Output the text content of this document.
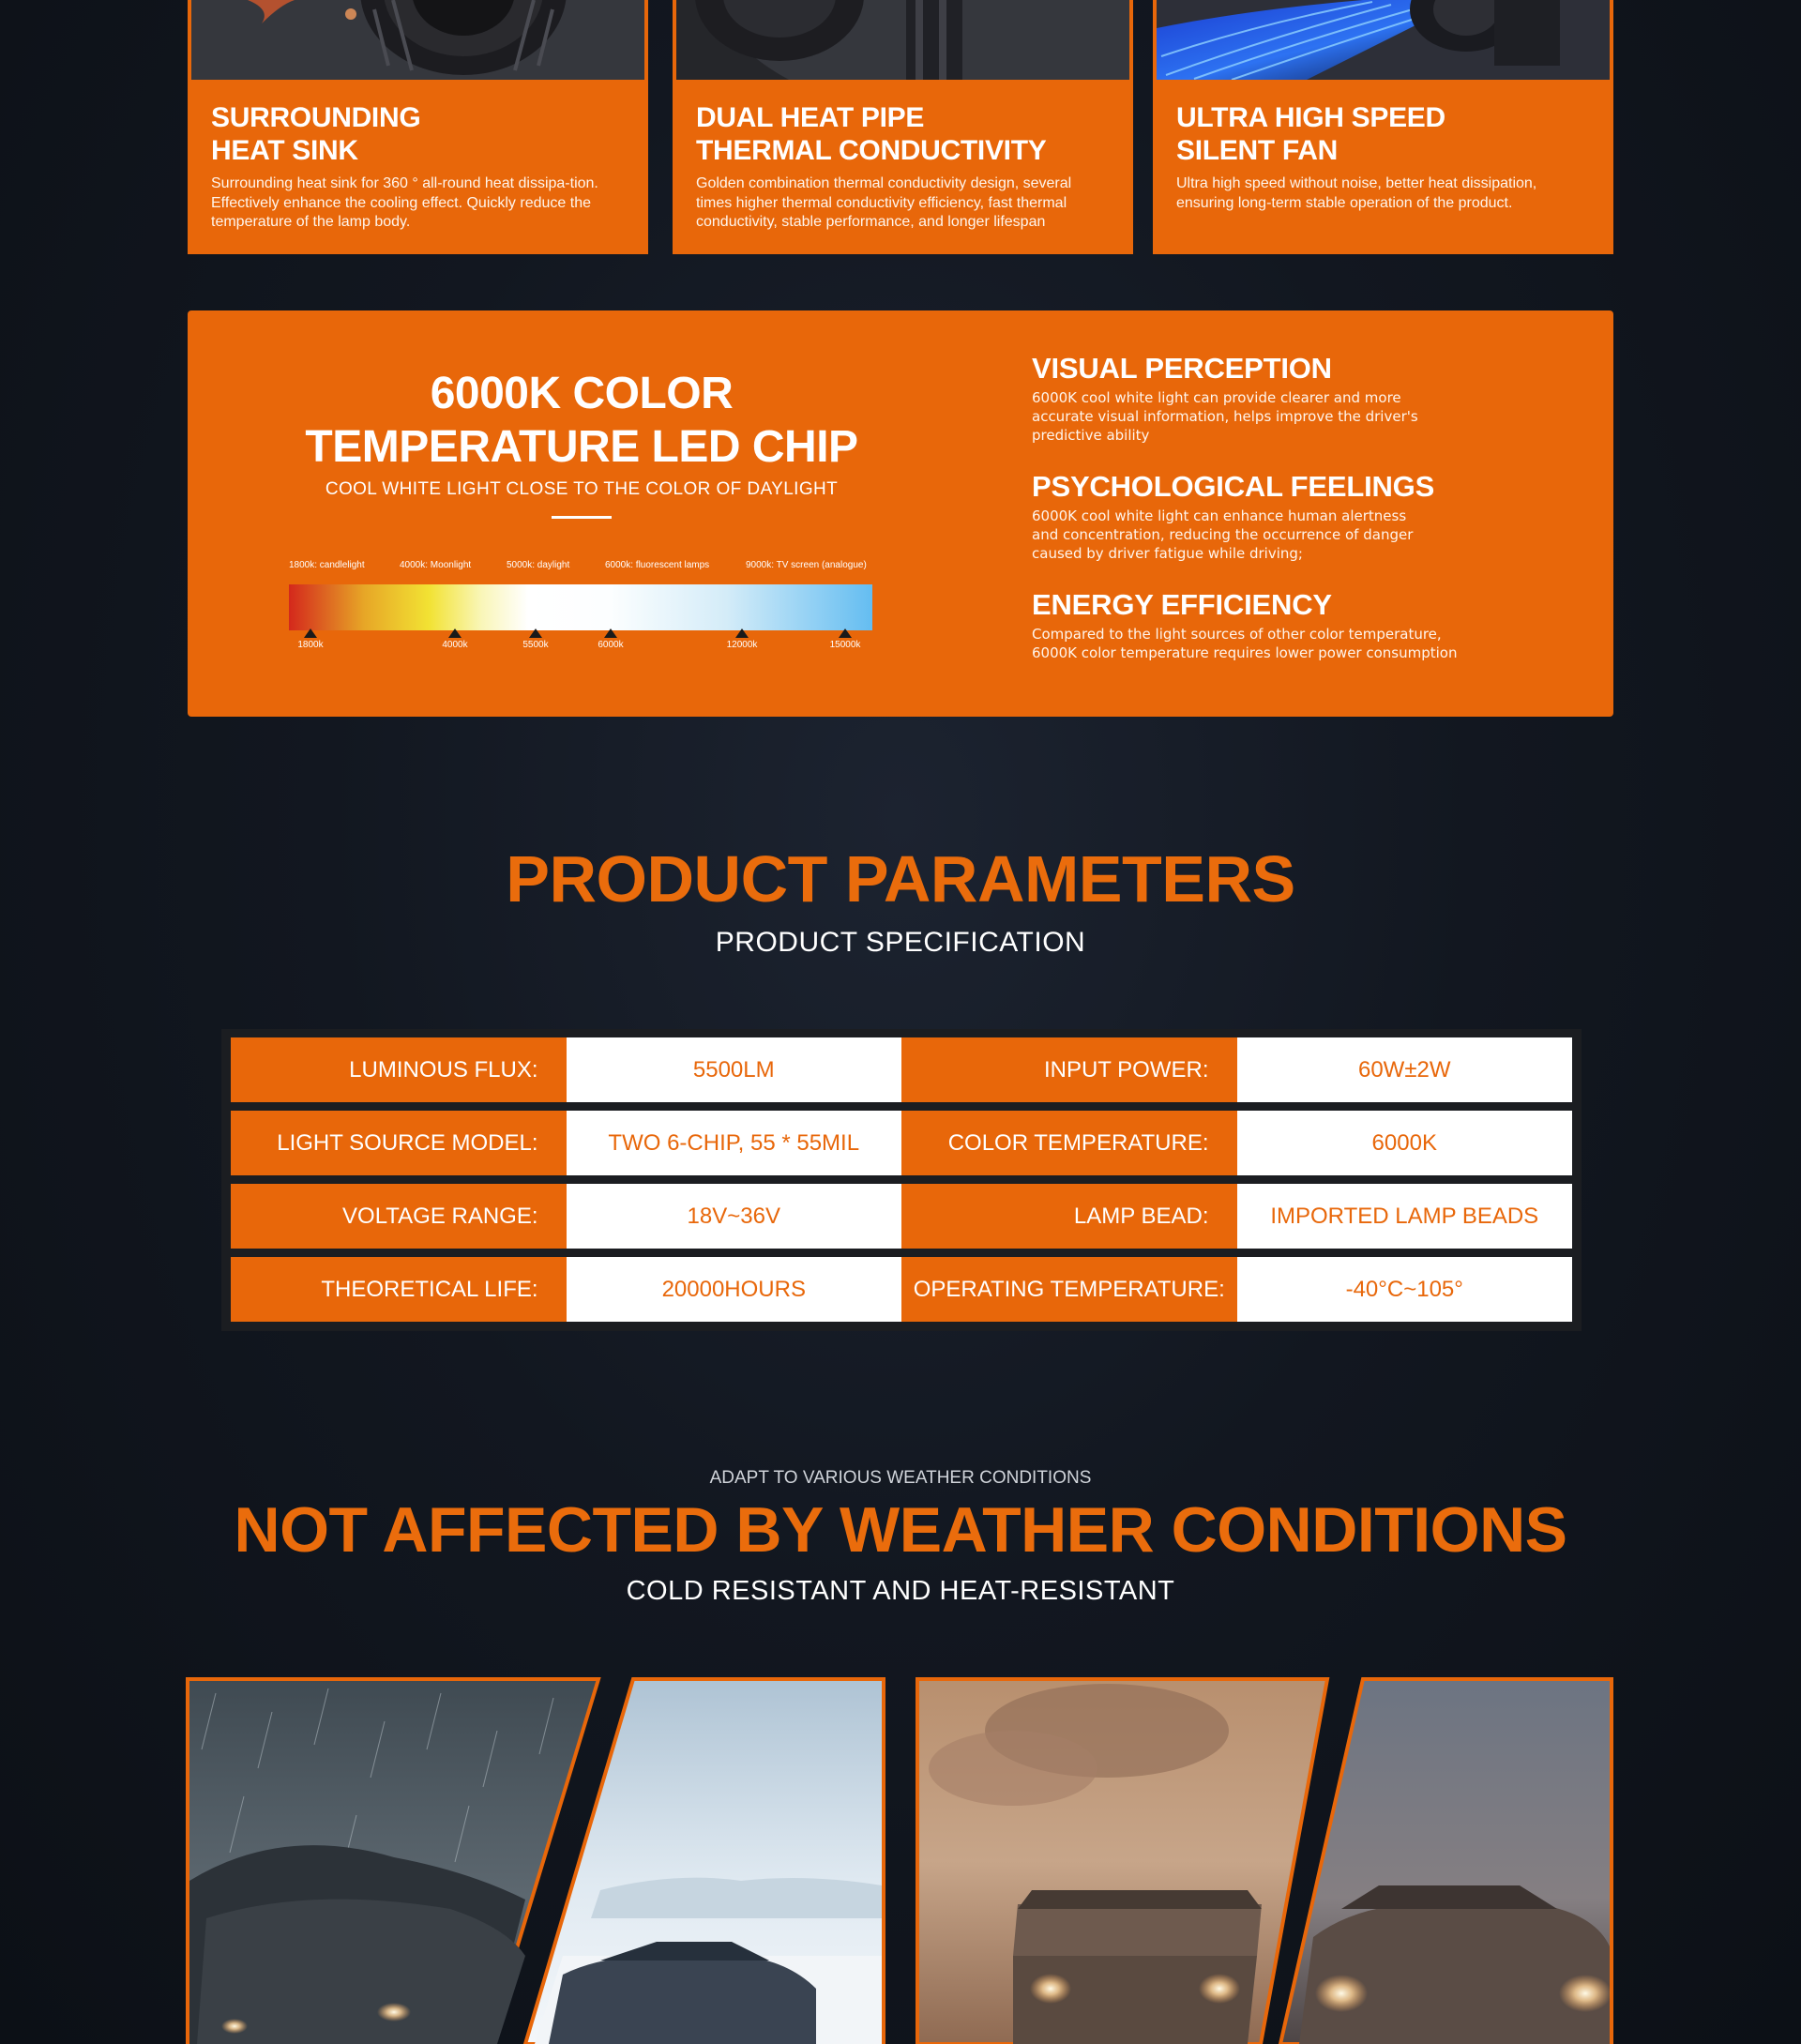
SURROUNDING
HEAT SINK
Surrounding heat sink for 360 ° all-round heat dissipa-tion. Effectively enhance the cooling effect. Quickly reduce the temperature of the lamp body.
DUAL HEAT PIPE
THERMAL CONDUCTIVITY
Golden combination thermal conductivity design, several times higher thermal conductivity efficiency, fast thermal conductivity, stable performance, and longer lifespan
ULTRA HIGH SPEED
SILENT FAN
Ultra high speed without noise, better heat dissipation, ensuring long-term stable operation of the product.
6000K COLOR
TEMPERATURE LED CHIP
COOL WHITE LIGHT CLOSE TO THE COLOR OF DAYLIGHT
1800k: candlelight	4000k: Moonlight	5000k: daylight	6000k: fluorescent lamps	9000k: TV screen (analogue)
1800k	4000k	5500k	6000k	12000k	15000k
VISUAL PERCEPTION
6000K cool white light can provide clearer and more
accurate visual information, helps improve the driver's
predictive ability
PSYCHOLOGICAL FEELINGS
6000K cool white light can enhance human alertness
and concentration, reducing the occurrence of danger
caused by driver fatigue while driving;
ENERGY EFFICIENCY
Compared to the light sources of other color temperature,
6000K color temperature requires lower power consumption
PRODUCT PARAMETERS
PRODUCT SPECIFICATION
LUMINOUS FLUX:	5500LM	INPUT POWER:	60W±2W
LIGHT SOURCE MODEL:	TWO 6-CHIP, 55 * 55MIL	COLOR TEMPERATURE:	6000K
VOLTAGE RANGE:	18V~36V	LAMP BEAD:	IMPORTED LAMP BEADS
THEORETICAL LIFE:	20000HOURS	OPERATING TEMPERATURE:	-40°C~105°
ADAPT TO VARIOUS WEATHER CONDITIONS
NOT AFFECTED BY WEATHER CONDITIONS
COLD RESISTANT AND HEAT-RESISTANT
